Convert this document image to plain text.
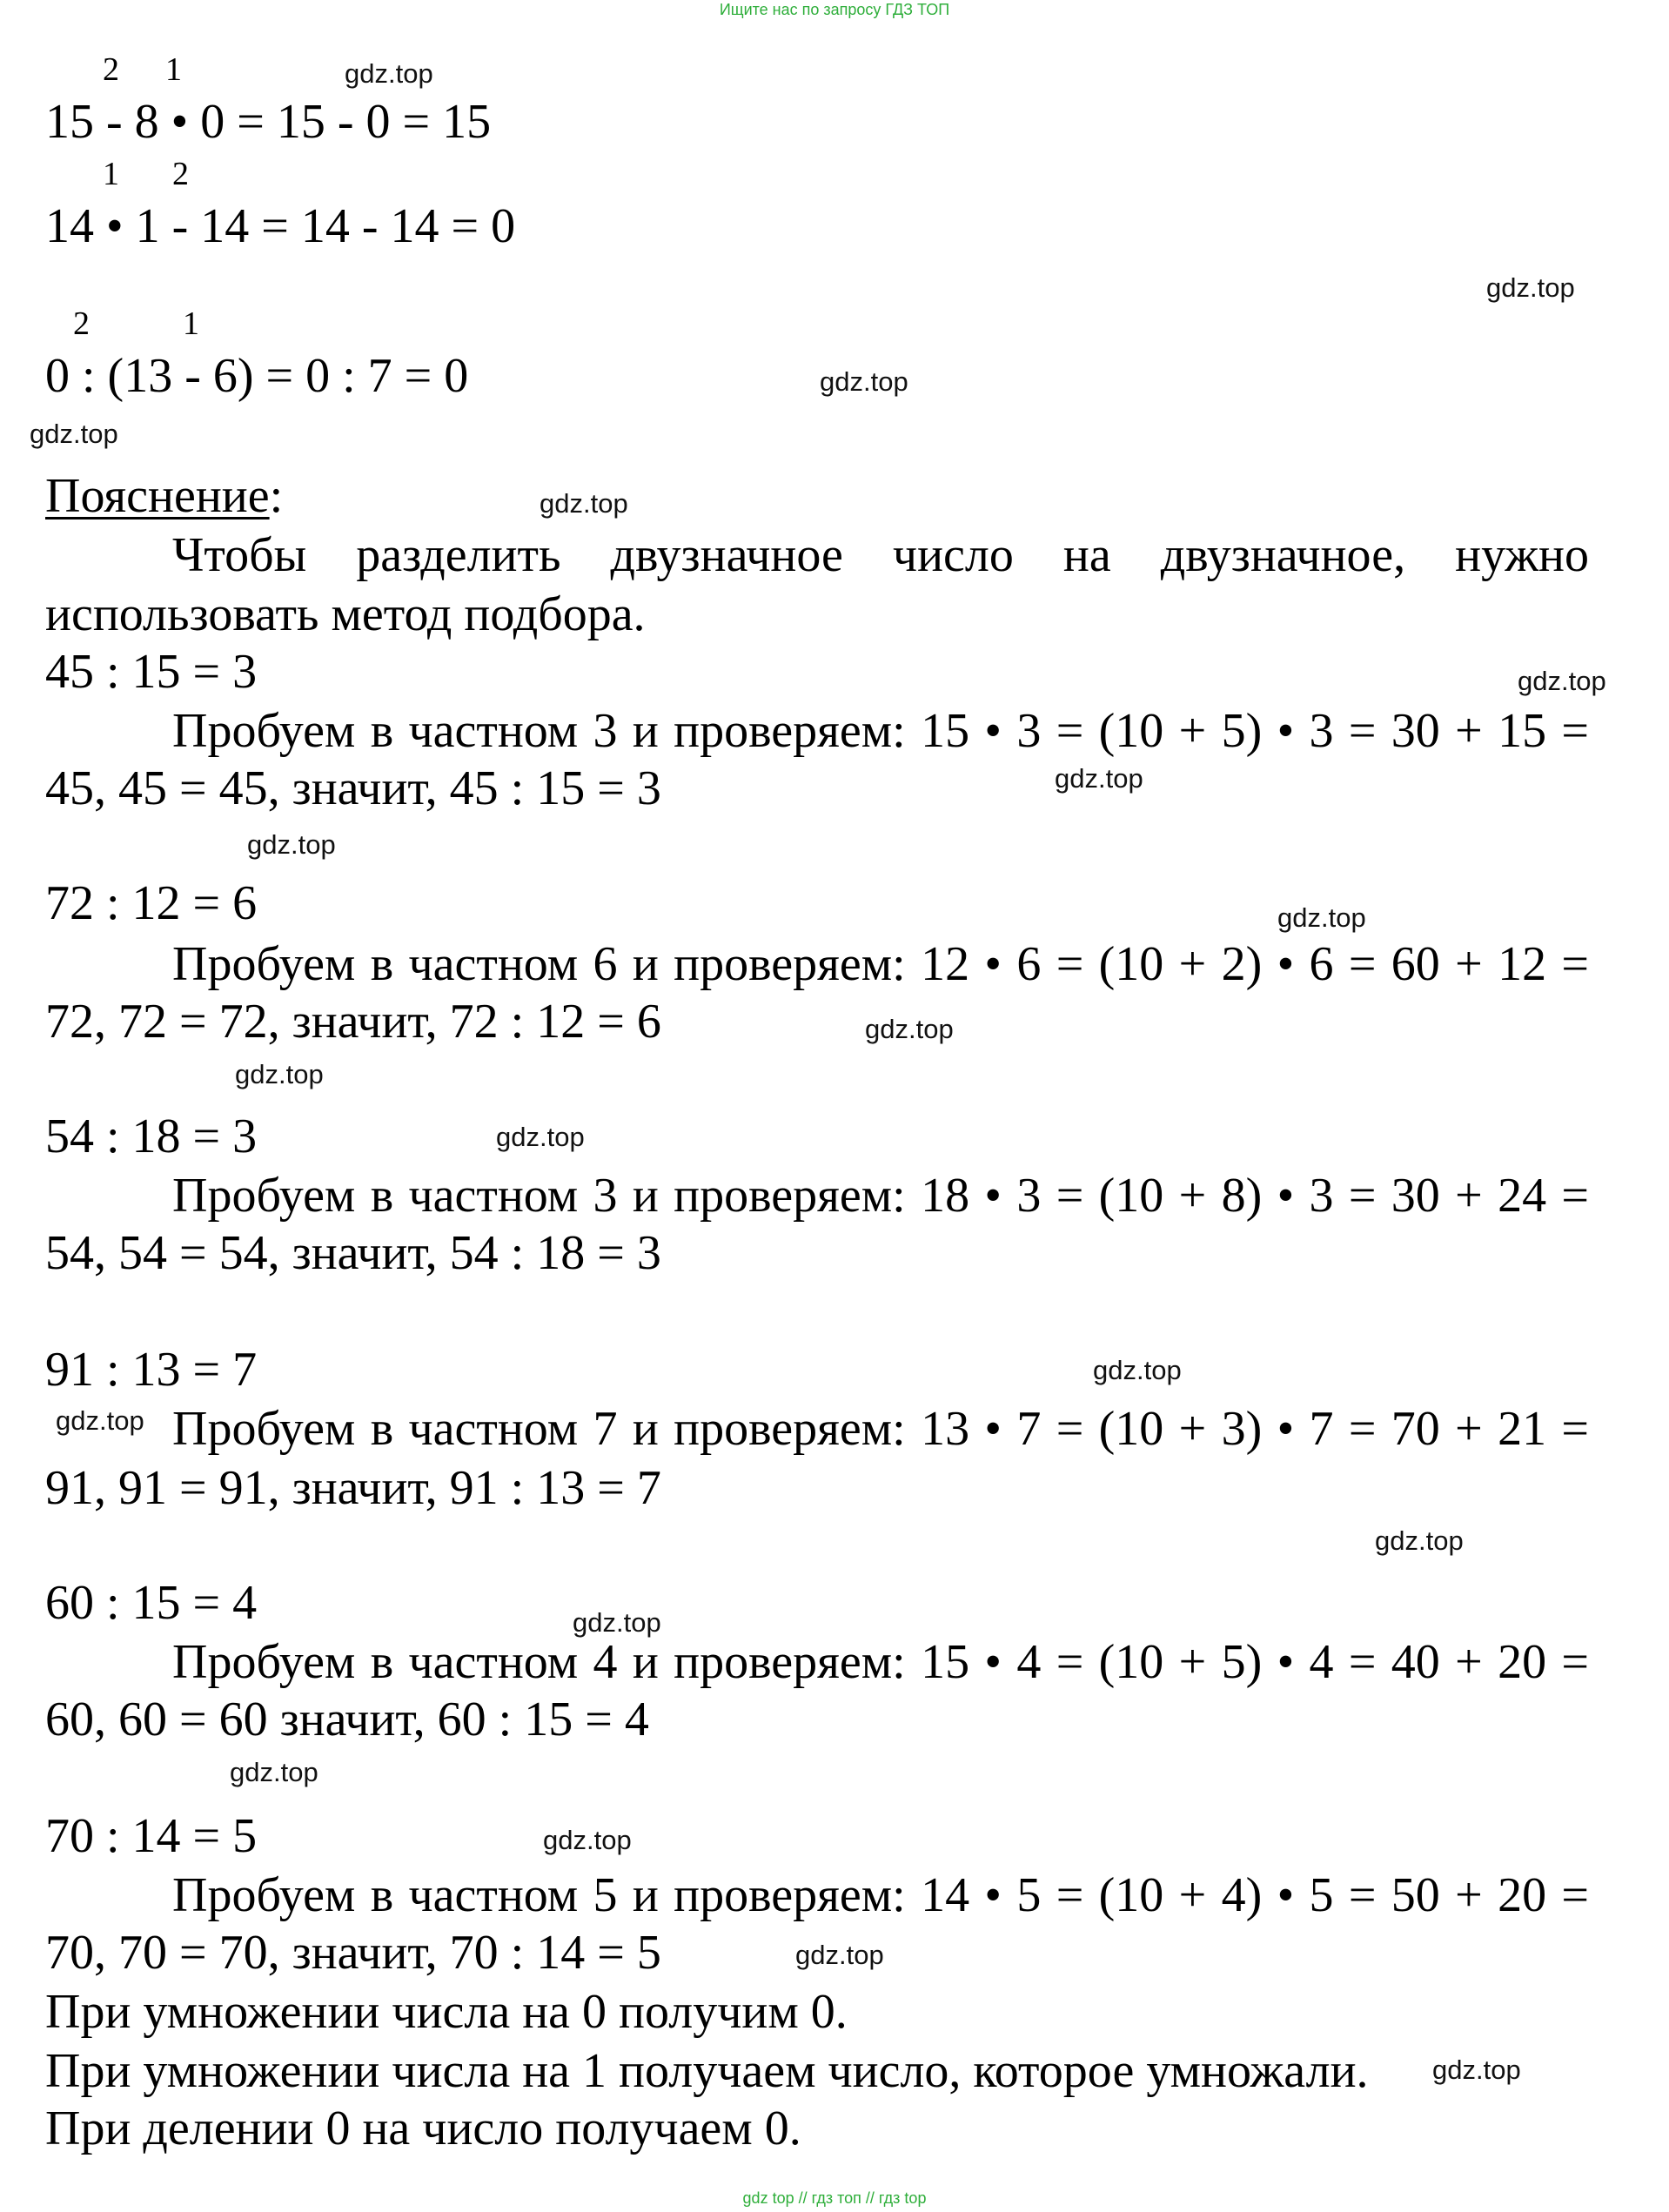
Ищите нас по запросу ГДЗ ТОП
2 1
15 - 8 • 0 = 15 - 0 = 15
1 2
14 • 1 - 14 = 14 - 14 = 0
2	1
0 : (13 - 6) = 0 : 7 = 0
Пояснение:
Чтобы разделить двузначное число на двузначное, нужно
использовать метод подбора.
45 : 15 = 3
Пробуем в частном 3 и проверяем: 15 • 3 = (10 + 5) • 3 = 30 + 15 =
45, 45 = 45, значит, 45 : 15 = 3
72 : 12 = 6
Пробуем в частном 6 и проверяем: 12 • 6 = (10 + 2) • 6 = 60 + 12 =
72, 72 = 72, значит, 72 : 12 = 6
54 : 18 = 3
Пробуем в частном 3 и проверяем: 18 • 3 = (10 + 8) • 3 = 30 + 24 =
54, 54 = 54, значит, 54 : 18 = 3
91 : 13 = 7
Пробуем в частном 7 и проверяем: 13 • 7 = (10 + 3) • 7 = 70 + 21 =
91, 91 = 91, значит, 91 : 13 = 7
60 : 15 = 4
Пробуем в частном 4 и проверяем: 15 • 4 = (10 + 5) • 4 = 40 + 20 =
60, 60 = 60 значит, 60 : 15 = 4
70 : 14 = 5
Пробуем в частном 5 и проверяем: 14 • 5 = (10 + 4) • 5 = 50 + 20 =
70, 70 = 70, значит, 70 : 14 = 5
При умножении числа на 0 получим 0.
При умножении числа на 1 получаем число, которое умножали.
При делении 0 на число получаем 0.
gdz.top
gdz.top
gdz.top
gdz.top
gdz.top
gdz.top
gdz.top
gdz.top
gdz.top
gdz.top
gdz.top
gdz.top
gdz.top
gdz.top
gdz.top
gdz.top
gdz.top
gdz.top
gdz.top
gdz.top
gdz top // гдз топ // гдз top
